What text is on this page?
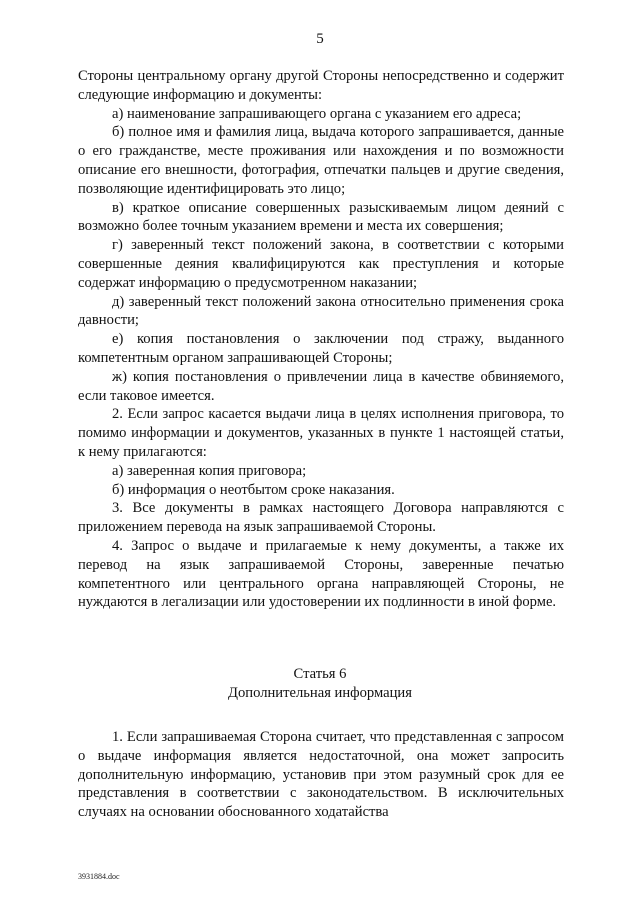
5

Стороны центральному органу другой Стороны непосредственно и содержит следующие информацию и документы:

а) наименование запрашивающего органа с указанием его адреса;

б) полное имя и фамилия лица, выдача которого запрашивается, данные о его гражданстве, месте проживания или нахождения и по возможности описание его внешности, фотография, отпечатки пальцев и другие сведения, позволяющие идентифицировать это лицо;

в) краткое описание совершенных разыскиваемым лицом деяний с возможно более точным указанием времени и места их совершения;

г) заверенный текст положений закона, в соответствии с которыми совершенные деяния квалифицируются как преступления и которые содержат информацию о предусмотренном наказании;

д) заверенный текст положений закона относительно применения срока давности;

е) копия постановления о заключении под стражу, выданного компетентным органом запрашивающей Стороны;

ж) копия постановления о привлечении лица в качестве обвиняемого, если таковое имеется.

2. Если запрос касается выдачи лица в целях исполнения приговора, то помимо информации и документов, указанных в пункте 1 настоящей статьи, к нему прилагаются:

а) заверенная копия приговора;

б) информация о неотбытом сроке наказания.

3. Все документы в рамках настоящего Договора направляются с приложением перевода на язык запрашиваемой Стороны.

4. Запрос о выдаче и прилагаемые к нему документы, а также их перевод на язык запрашиваемой Стороны, заверенные печатью компетентного или центрального органа направляющей Стороны, не нуждаются в легализации или удостоверении их подлинности в иной форме.

Статья 6
Дополнительная информация

1. Если запрашиваемая Сторона считает, что представленная с запросом о выдаче информация является недостаточной, она может запросить дополнительную информацию, установив при этом разумный срок для ее представления в соответствии с законодательством. В исключительных случаях на основании обоснованного ходатайства

3931884.doc
